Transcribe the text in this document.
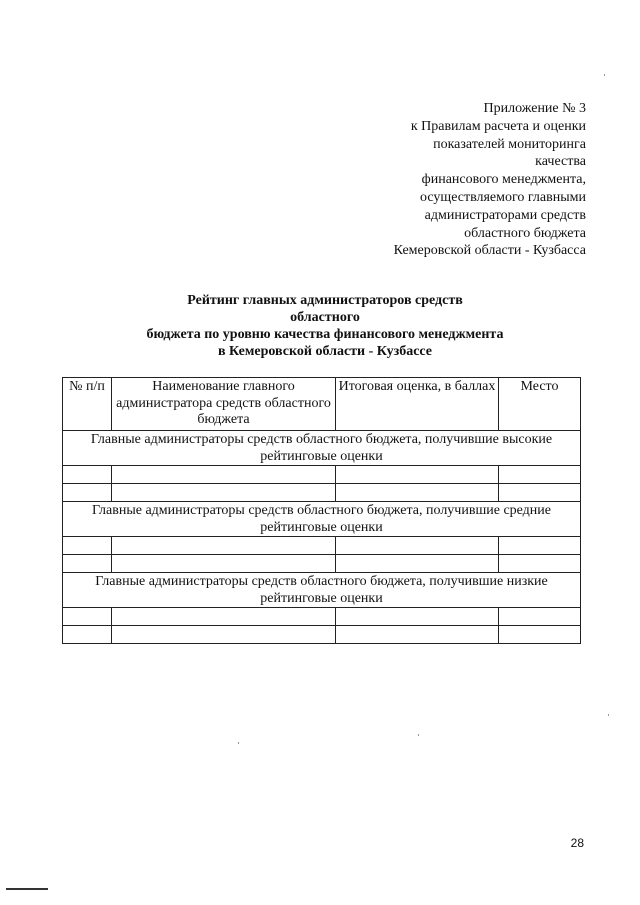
Приложение № 3
к Правилам расчета и оценки
показателей мониторинга
качества
финансового менеджмента,
осуществляемого главными
администраторами средств
областного бюджета
Кемеровской области - Кузбасса
Рейтинг главных администраторов средств
областного
бюджета по уровню качества финансового менеджмента
в Кемеровской области - Кузбассе
№ п/п	Наименование главного администратора средств областного бюджета	Итоговая оценка, в баллах	Место
Главные администраторы средств областного бюджета, получившие высокие рейтинговые оценки			

Главные администраторы средств областного бюджета, получившие средние рейтинговые оценки			

Главные администраторы средств областного бюджета, получившие низкие рейтинговые оценки			

28
